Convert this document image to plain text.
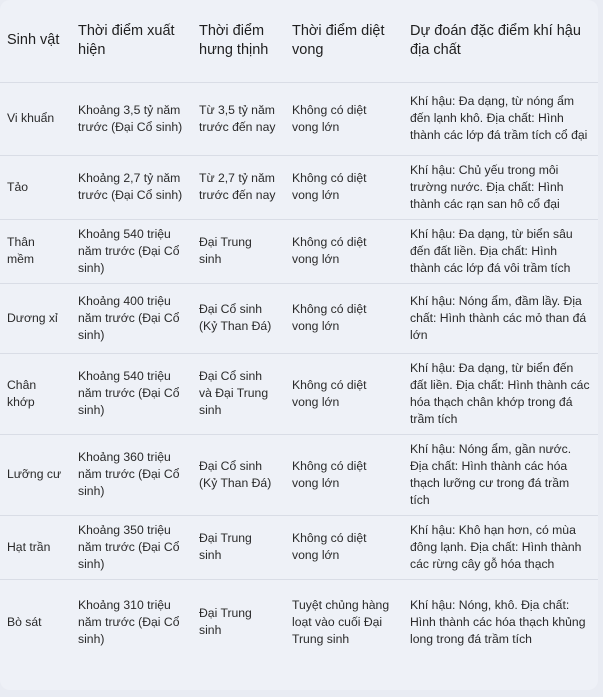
Sinh vật	Thời điểm xuất hiện	Thời điểm hưng thịnh	Thời điểm diệt vong	Dự đoán đặc điểm khí hậu địa chất
Vi khuẩn	Khoảng 3,5 tỷ năm trước (Đại Cổ sinh)	Từ 3,5 tỷ năm trước đến nay	Không có diệt vong lớn	Khí hậu: Đa dạng, từ nóng ẩm đến lạnh khô. Địa chất: Hình thành các lớp đá trầm tích cổ đại
Tảo	Khoảng 2,7 tỷ năm trước (Đại Cổ sinh)	Từ 2,7 tỷ năm trước đến nay	Không có diệt vong lớn	Khí hậu: Chủ yếu trong môi trường nước. Địa chất: Hình thành các rạn san hô cổ đại
Thân mềm	Khoảng 540 triệu năm trước (Đại Cổ sinh)	Đại Trung sinh	Không có diệt vong lớn	Khí hậu: Đa dạng, từ biển sâu đến đất liền. Địa chất: Hình thành các lớp đá vôi trầm tích
Dương xỉ	Khoảng 400 triệu năm trước (Đại Cổ sinh)	Đại Cổ sinh (Kỷ Than Đá)	Không có diệt vong lớn	Khí hậu: Nóng ẩm, đầm lầy. Địa chất: Hình thành các mỏ than đá lớn
Chân khớp	Khoảng 540 triệu năm trước (Đại Cổ sinh)	Đại Cổ sinh và Đại Trung sinh	Không có diệt vong lớn	Khí hậu: Đa dạng, từ biển đến đất liền. Địa chất: Hình thành các hóa thạch chân khớp trong đá trầm tích
Lưỡng cư	Khoảng 360 triệu năm trước (Đại Cổ sinh)	Đại Cổ sinh (Kỷ Than Đá)	Không có diệt vong lớn	Khí hậu: Nóng ẩm, gần nước. Địa chất: Hình thành các hóa thạch lưỡng cư trong đá trầm tích
Hạt trần	Khoảng 350 triệu năm trước (Đại Cổ sinh)	Đại Trung sinh	Không có diệt vong lớn	Khí hậu: Khô hạn hơn, có mùa đông lạnh. Địa chất: Hình thành các rừng cây gỗ hóa thạch
Bò sát	Khoảng 310 triệu năm trước (Đại Cổ sinh)	Đại Trung sinh	Tuyệt chủng hàng loạt vào cuối Đại Trung sinh	Khí hậu: Nóng, khô. Địa chất: Hình thành các hóa thạch khủng long trong đá trầm tích
